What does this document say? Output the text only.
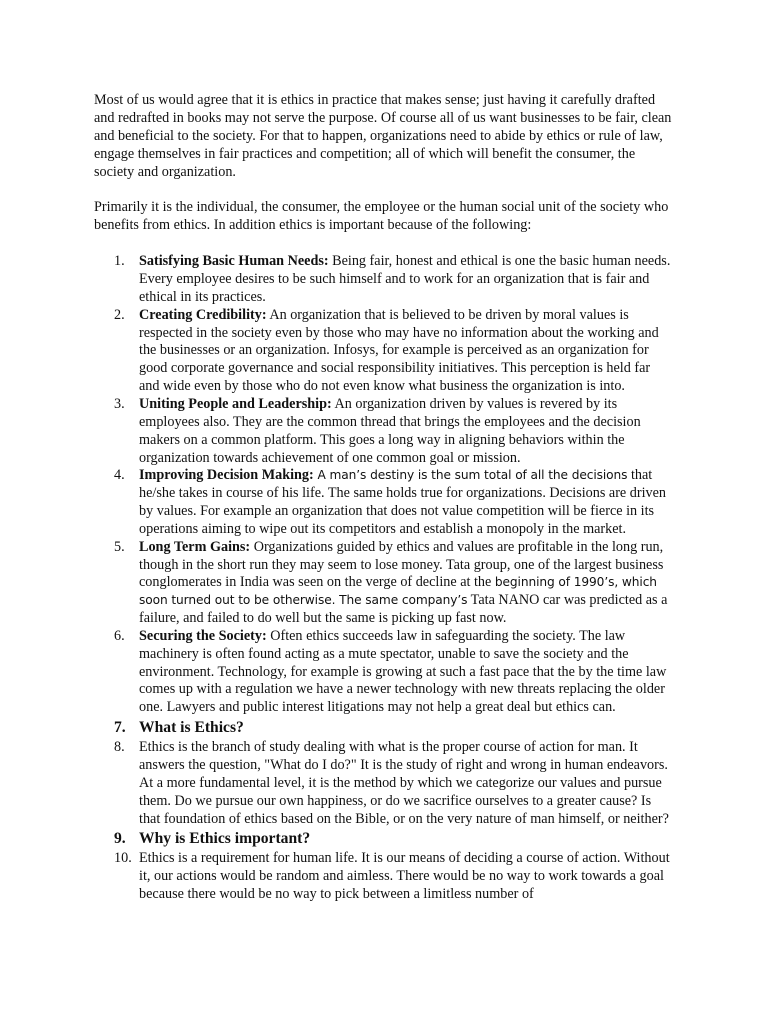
Most of us would agree that it is ethics in practice that makes sense; just having it carefully drafted and redrafted in books may not serve the purpose. Of course all of us want businesses to be fair, clean and beneficial to the society. For that to happen, organizations need to abide by ethics or rule of law, engage themselves in fair practices and competition; all of which will benefit the consumer, the society and organization.

Primarily it is the individual, the consumer, the employee or the human social unit of the society who benefits from ethics. In addition ethics is important because of the following:

1. Satisfying Basic Human Needs: Being fair, honest and ethical is one the basic human needs. Every employee desires to be such himself and to work for an organization that is fair and ethical in its practices.
2. Creating Credibility: An organization that is believed to be driven by moral values is respected in the society even by those who may have no information about the working and the businesses or an organization. Infosys, for example is perceived as an organization for good corporate governance and social responsibility initiatives. This perception is held far and wide even by those who do not even know what business the organization is into.
3. Uniting People and Leadership: An organization driven by values is revered by its employees also. They are the common thread that brings the employees and the decision makers on a common platform. This goes a long way in aligning behaviors within the organization towards achievement of one common goal or mission.
4. Improving Decision Making: A man’s destiny is the sum total of all the decisions that he/she takes in course of his life. The same holds true for organizations. Decisions are driven by values. For example an organization that does not value competition will be fierce in its operations aiming to wipe out its competitors and establish a monopoly in the market.
5. Long Term Gains: Organizations guided by ethics and values are profitable in the long run, though in the short run they may seem to lose money. Tata group, one of the largest business conglomerates in India was seen on the verge of decline at the beginning of 1990’s, which soon turned out to be otherwise. The same company’s Tata NANO car was predicted as a failure, and failed to do well but the same is picking up fast now.
6. Securing the Society: Often ethics succeeds law in safeguarding the society. The law machinery is often found acting as a mute spectator, unable to save the society and the environment. Technology, for example is growing at such a fast pace that the by the time law comes up with a regulation we have a newer technology with new threats replacing the older one. Lawyers and public interest litigations may not help a great deal but ethics can.
7. What is Ethics?
8. Ethics is the branch of study dealing with what is the proper course of action for man. It answers the question, "What do I do?" It is the study of right and wrong in human endeavors. At a more fundamental level, it is the method by which we categorize our values and pursue them. Do we pursue our own happiness, or do we sacrifice ourselves to a greater cause? Is that foundation of ethics based on the Bible, or on the very nature of man himself, or neither?
9. Why is Ethics important?
10. Ethics is a requirement for human life. It is our means of deciding a course of action. Without it, our actions would be random and aimless. There would be no way to work towards a goal because there would be no way to pick between a limitless number of
